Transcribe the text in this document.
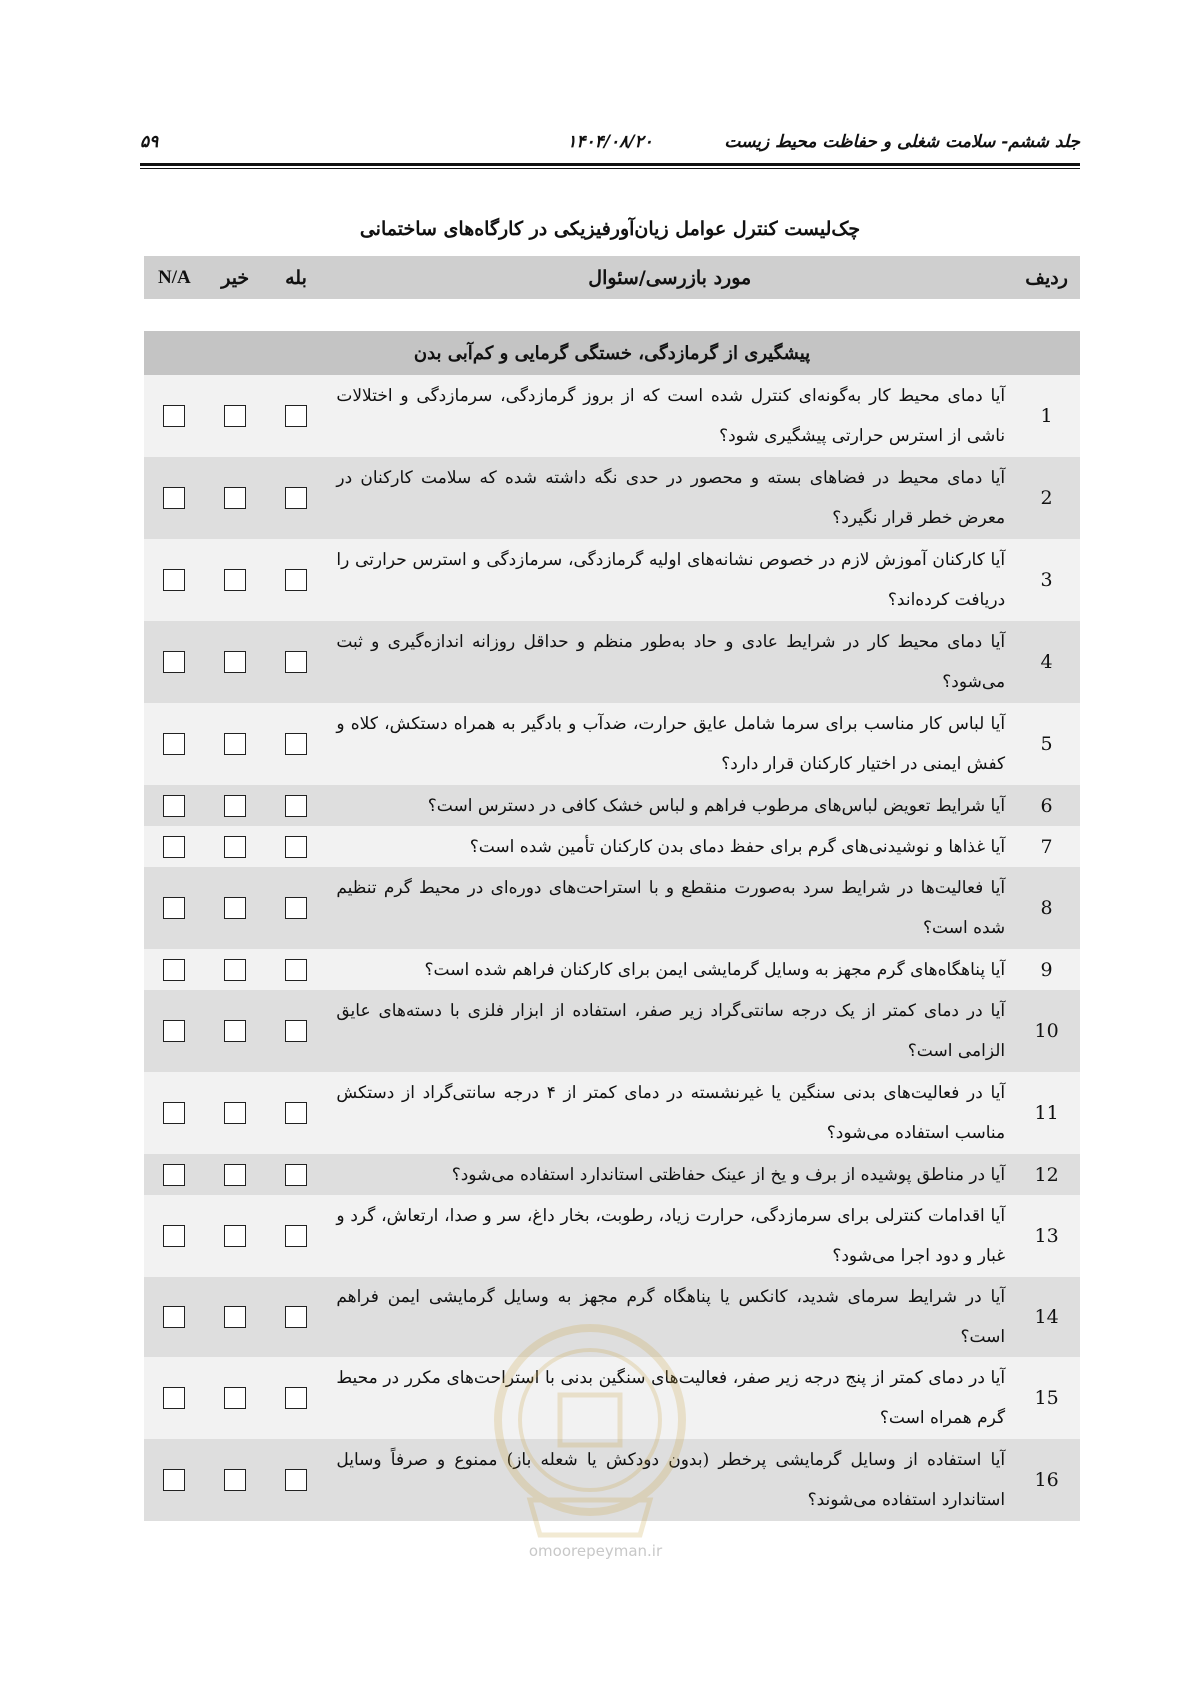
جلد ششم- سلامت شغلی و حفاظت محیط زیست
۱۴۰۴/۰۸/۲۰
۵۹
چک‌لیست کنترل عوامل زیان‌آورفیزیکی در کارگاه‌های ساختمانی
ردیف	مورد بازرسی/سئوال	بله	خیر	N/A

پیشگیری از گرمازدگی، خستگی گرمایی و کم‌آبی بدن				
1	آیا دمای محیط کار به‌گونه‌ای کنترل شده است که از بروز گرمازدگی، سرمازدگی و اختلالات ناشی از استرس حرارتی پیشگیری شود؟			
2	آیا دمای محیط در فضاهای بسته و محصور در حدی نگه داشته شده که سلامت کارکنان در معرض خطر قرار نگیرد؟			
3	آیا کارکنان آموزش لازم در خصوص نشانه‌های اولیه گرمازدگی، سرمازدگی و استرس حرارتی را دریافت کرده‌اند؟			
4	آیا دمای محیط کار در شرایط عادی و حاد به‌طور منظم و حداقل روزانه اندازه‌گیری و ثبت می‌شود؟			
5	آیا لباس کار مناسب برای سرما شامل عایق حرارت، ضدآب و بادگیر به همراه دستکش، کلاه و کفش ایمنی در اختیار کارکنان قرار دارد؟			
6	آیا شرایط تعویض لباس‌های مرطوب فراهم و لباس خشک کافی در دسترس است؟			
7	آیا غذاها و نوشیدنی‌های گرم برای حفظ دمای بدن کارکنان تأمین شده است؟			
8	آیا فعالیت‌ها در شرایط سرد به‌صورت منقطع و با استراحت‌های دوره‌ای در محیط گرم تنظیم شده است؟			
9	آیا پناهگاه‌های گرم مجهز به وسایل گرمایشی ایمن برای کارکنان فراهم شده است؟			
10	آیا در دمای کمتر از یک درجه سانتی‌گراد زیر صفر، استفاده از ابزار فلزی با دسته‌های عایق الزامی است؟			
11	آیا در فعالیت‌های بدنی سنگین یا غیرنشسته در دمای کمتر از ۴ درجه سانتی‌گراد از دستکش مناسب استفاده می‌شود؟			
12	آیا در مناطق پوشیده از برف و یخ از عینک حفاظتی استاندارد استفاده می‌شود؟			
13	آیا اقدامات کنترلی برای سرمازدگی، حرارت زیاد، رطوبت، بخار داغ، سر و صدا، ارتعاش، گرد و غبار و دود اجرا می‌شود؟			
14	آیا در شرایط سرمای شدید، کانکس یا پناهگاه گرم مجهز به وسایل گرمایشی ایمن فراهم است؟			
15	آیا در دمای کمتر از پنج درجه زیر صفر، فعالیت‌های سنگین بدنی با استراحت‌های مکرر در محیط گرم همراه است؟			
16	آیا استفاده از وسایل گرمایشی پرخطر (بدون دودکش یا شعله باز) ممنوع و صرفاً وسایل استاندارد استفاده می‌شوند؟			
omoorepeyman.ir
